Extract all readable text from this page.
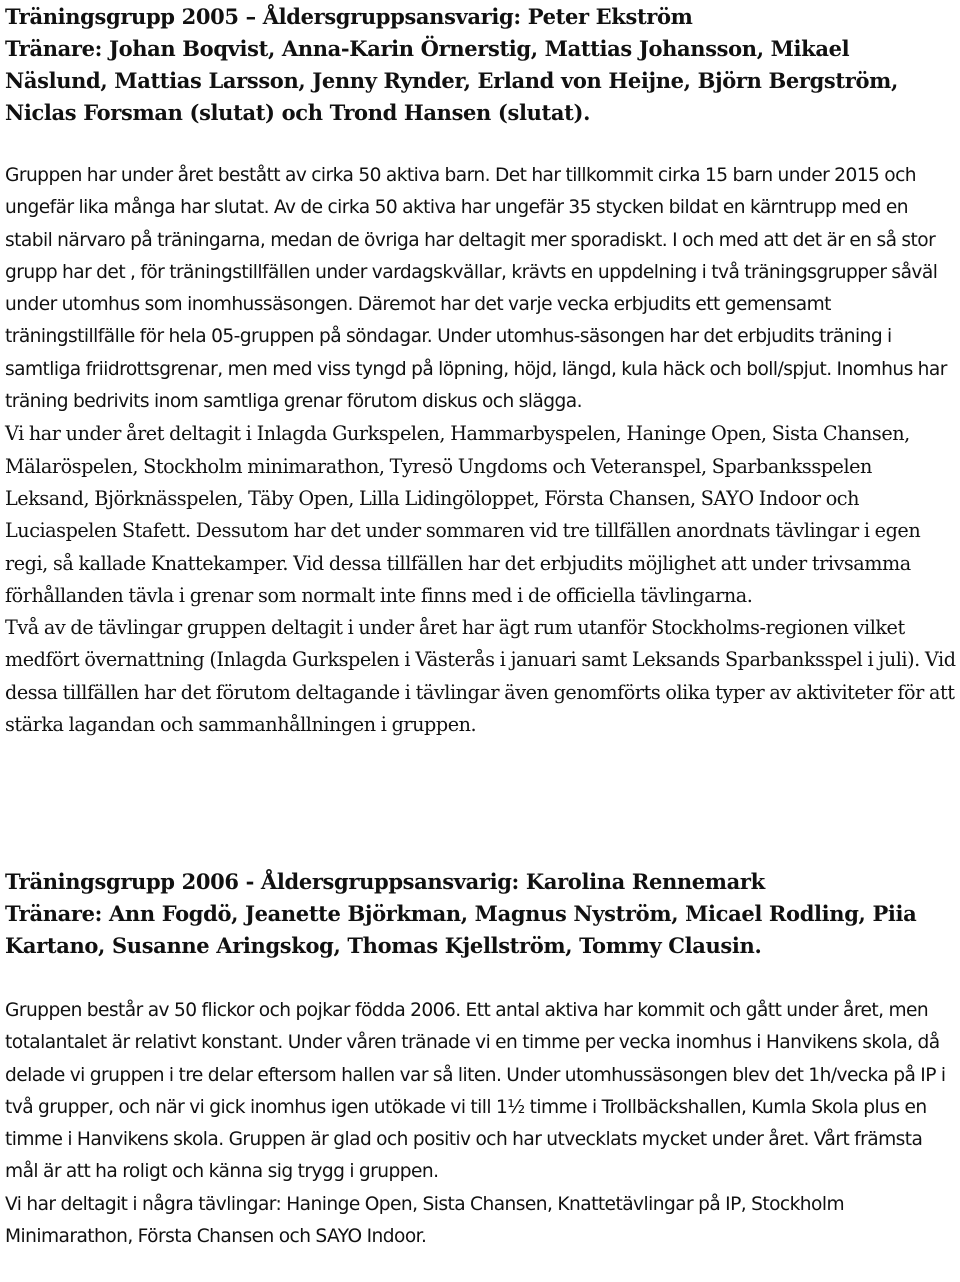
Träningsgrupp 2005 – Åldersgruppsansvarig: Peter Ekström

Tränare: Johan Boqvist, Anna-Karin Örnerstig, Mattias Johansson, Mikael Näslund, Mattias Larsson, Jenny Rynder, Erland von Heijne, Björn Bergström, Niclas Forsman (slutat) och Trond Hansen (slutat).

Gruppen har under året bestått av cirka 50 aktiva barn. Det har tillkommit cirka 15 barn under 2015 och ungefär lika många har slutat. Av de cirka 50 aktiva har ungefär 35 stycken bildat en kärntrupp med en stabil närvaro på träningarna, medan de övriga har deltagit mer sporadiskt. I och med att det är en så stor grupp har det , för träningstillfällen under vardagskvällar, krävts en uppdelning i två träningsgrupper såväl under utomhus som inomhussäsongen. Däremot har det varje vecka erbjudits ett gemensamt träningstillfälle för hela 05-gruppen på söndagar. Under utomhus-säsongen har det erbjudits träning i samtliga friidrottsgrenar, men med viss tyngd på löpning, höjd, längd, kula häck och boll/spjut. Inomhus har träning bedrivits inom samtliga grenar förutom diskus och slägga.

Vi har under året deltagit i Inlagda Gurkspelen, Hammarbyspelen, Haninge Open, Sista Chansen, Mälaröspelen, Stockholm minimarathon, Tyresö Ungdoms och Veteranspel, Sparbanksspelen Leksand, Björknässpelen, Täby Open, Lilla Lidingöloppet, Första Chansen, SAYO Indoor och Luciaspelen Stafett. Dessutom har det under sommaren vid tre tillfällen anordnats tävlingar i egen regi, så kallade Knattekamper. Vid dessa tillfällen har det erbjudits möjlighet att under trivsamma förhållanden tävla i grenar som normalt inte finns med i de officiella tävlingarna.

Två av de tävlingar gruppen deltagit i under året har ägt rum utanför Stockholms-regionen vilket medfört övernattning (Inlagda Gurkspelen i Västerås i januari samt Leksands Sparbanksspel i juli). Vid dessa tillfällen har det förutom deltagande i tävlingar även genomförts olika typer av aktiviteter för att stärka lagandan och sammanhållningen i gruppen.

Träningsgrupp 2006 - Åldersgruppsansvarig: Karolina Rennemark

Tränare: Ann Fogdö, Jeanette Björkman, Magnus Nyström, Micael Rodling, Piia Kartano, Susanne Aringskog, Thomas Kjellström, Tommy Clausin.

Gruppen består av 50 flickor och pojkar födda 2006. Ett antal aktiva har kommit och gått under året, men totalantalet är relativt konstant. Under våren tränade vi en timme per vecka inomhus i Hanvikens skola, då delade vi gruppen i tre delar eftersom hallen var så liten. Under utomhussäsongen blev det 1h/vecka på IP i två grupper, och när vi gick inomhus igen utökade vi till 1½ timme i Trollbäckshallen, Kumla Skola plus en timme i Hanvikens skola. Gruppen är glad och positiv och har utvecklats mycket under året. Vårt främsta mål är att ha roligt och känna sig trygg i gruppen.

Vi har deltagit i några tävlingar: Haninge Open, Sista Chansen, Knattetävlingar på IP, Stockholm Minimarathon, Första Chansen och SAYO Indoor.
